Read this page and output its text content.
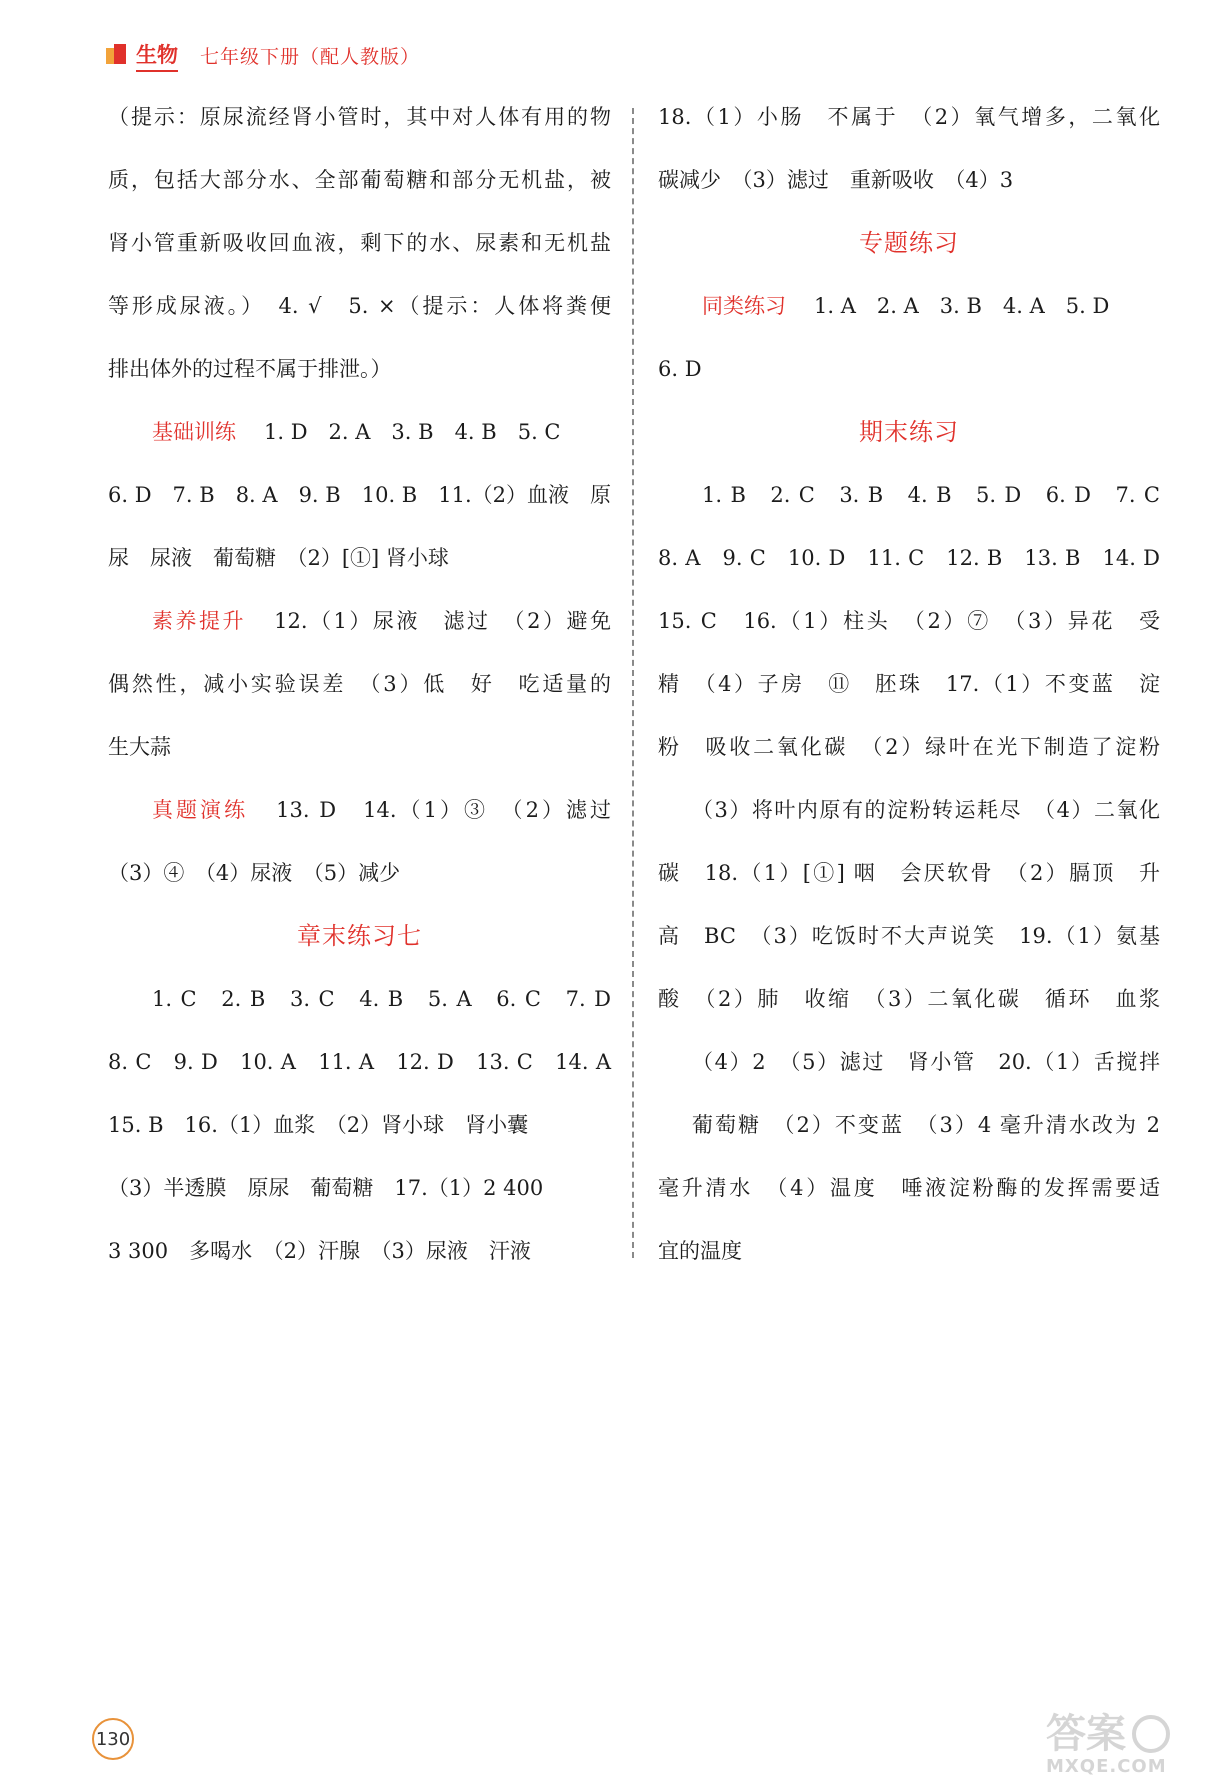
生物 七年级下册（配人教版）
（提示：原尿流经肾小管时，其中对人体有用的物
质，包括大部分水、全部葡萄糖和部分无机盐，被
肾小管重新吸收回血液，剩下的水、尿素和无机盐
等形成尿液。）　4. √　5. ×（提示：人体将粪便
排出体外的过程不属于排泄。）
基础训练 1. D　2. A　3. B　4. B　5. C
6. D　7. B　8. A　9. B　10. B　11.（2）血液　原
尿　尿液　葡萄糖　（2）[①] 肾小球
素养提升 12.（1）尿液　滤过　（2）避免
偶然性，减小实验误差　（3）低　好　吃适量的
生大蒜
真题演练 13. D　14.（1）③　（2）滤过
（3）④　（4）尿液　（5）减少
章末练习七
1. C　2. B　3. C　4. B　5. A　6. C　7. D
8. C　9. D　10. A　11. A　12. D　13. C　14. A
15. B　16.（1）血浆　（2）肾小球　肾小囊
（3）半透膜　原尿　葡萄糖　17.（1）2 400
3 300　多喝水　（2）汗腺　（3）尿液　汗液
18.（1）小肠　不属于　（2）氧气增多，二氧化
碳减少　（3）滤过　重新吸收　（4）3
专题练习
同类练习 1. A　2. A　3. B　4. A　5. D
6. D
期末练习
1. B　2. C　3. B　4. B　5. D　6. D　7. C
8. A　9. C　10. D　11. C　12. B　13. B　14. D
15. C　16.（1）柱头　（2）⑦　（3）异花　受
精　（4）子房　⑪　胚珠　17.（1）不变蓝　淀
粉　吸收二氧化碳　（2）绿叶在光下制造了淀粉
（3）将叶内原有的淀粉转运耗尽　（4）二氧化
碳　18.（1）[①] 咽　会厌软骨　（2）膈顶　升
高　BC　（3）吃饭时不大声说笑　19.（1）氨基
酸　（2）肺　收缩　（3）二氧化碳　循环　血浆
（4）2　（5）滤过　肾小管　20.（1）舌搅拌
葡萄糖　（2）不变蓝　（3）4 毫升清水改为 2
毫升清水　（4）温度　唾液淀粉酶的发挥需要适
宜的温度
130	答案
MXQE.COM
